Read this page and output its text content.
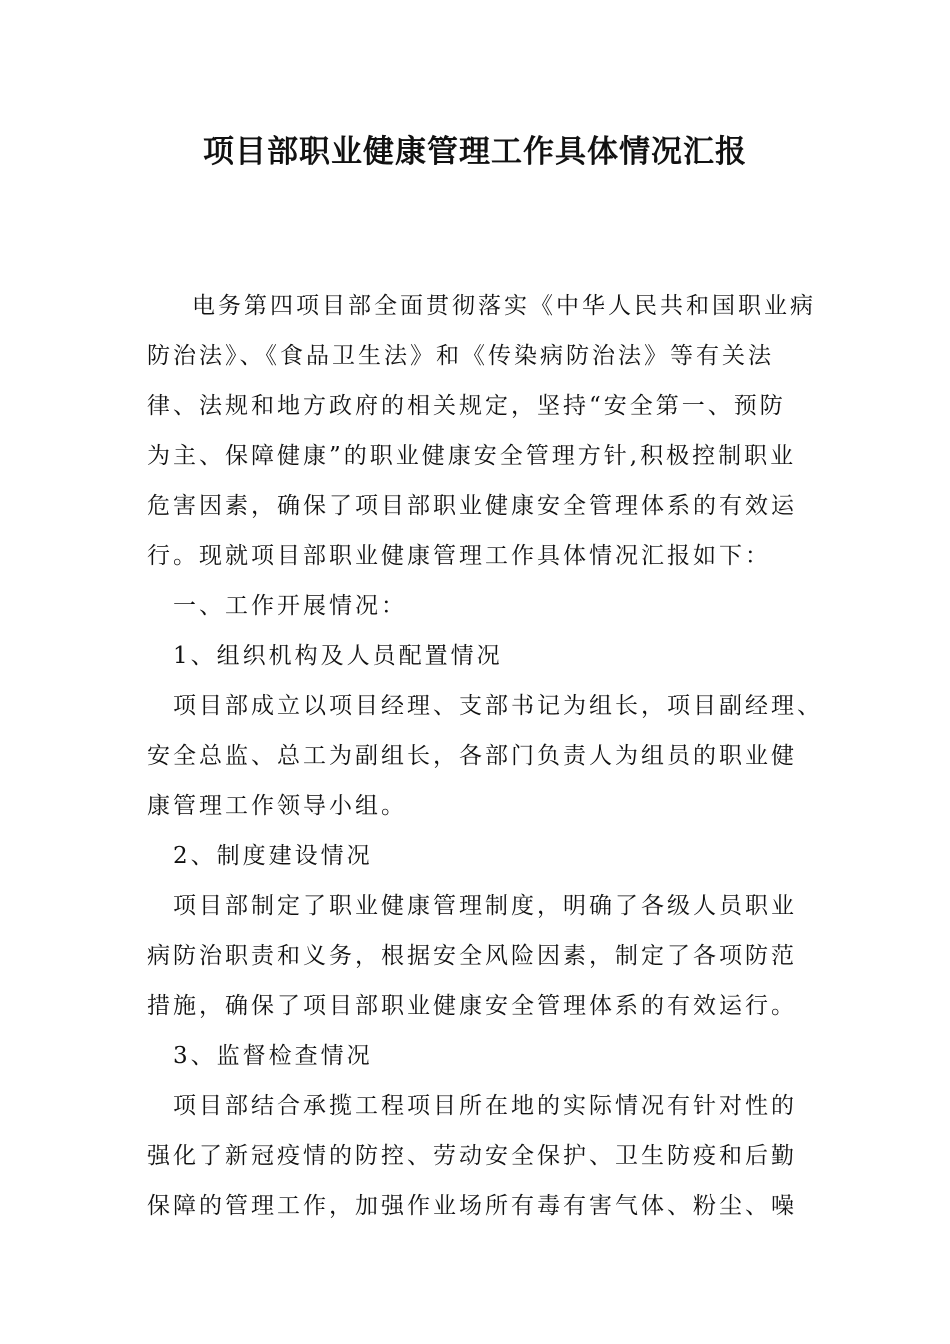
项目部职业健康管理工作具体情况汇报
电务第四项目部全面贯彻落实《中华人民共和国职业病
防治法》、《食品卫生法》和《传染病防治法》等有关法
律、法规和地方政府的相关规定，坚持“安全第一、预防
为主、保障健康”的职业健康安全管理方针,积极控制职业
危害因素，确保了项目部职业健康安全管理体系的有效运
行。现就项目部职业健康管理工作具体情况汇报如下：
一、工作开展情况：
1、组织机构及人员配置情况
项目部成立以项目经理、支部书记为组长，项目副经理、
安全总监、总工为副组长，各部门负责人为组员的职业健
康管理工作领导小组。
2、制度建设情况
项目部制定了职业健康管理制度，明确了各级人员职业
病防治职责和义务，根据安全风险因素，制定了各项防范
措施，确保了项目部职业健康安全管理体系的有效运行。
3、监督检查情况
项目部结合承揽工程项目所在地的实际情况有针对性的
强化了新冠疫情的防控、劳动安全保护、卫生防疫和后勤
保障的管理工作，加强作业场所有毒有害气体、粉尘、噪
